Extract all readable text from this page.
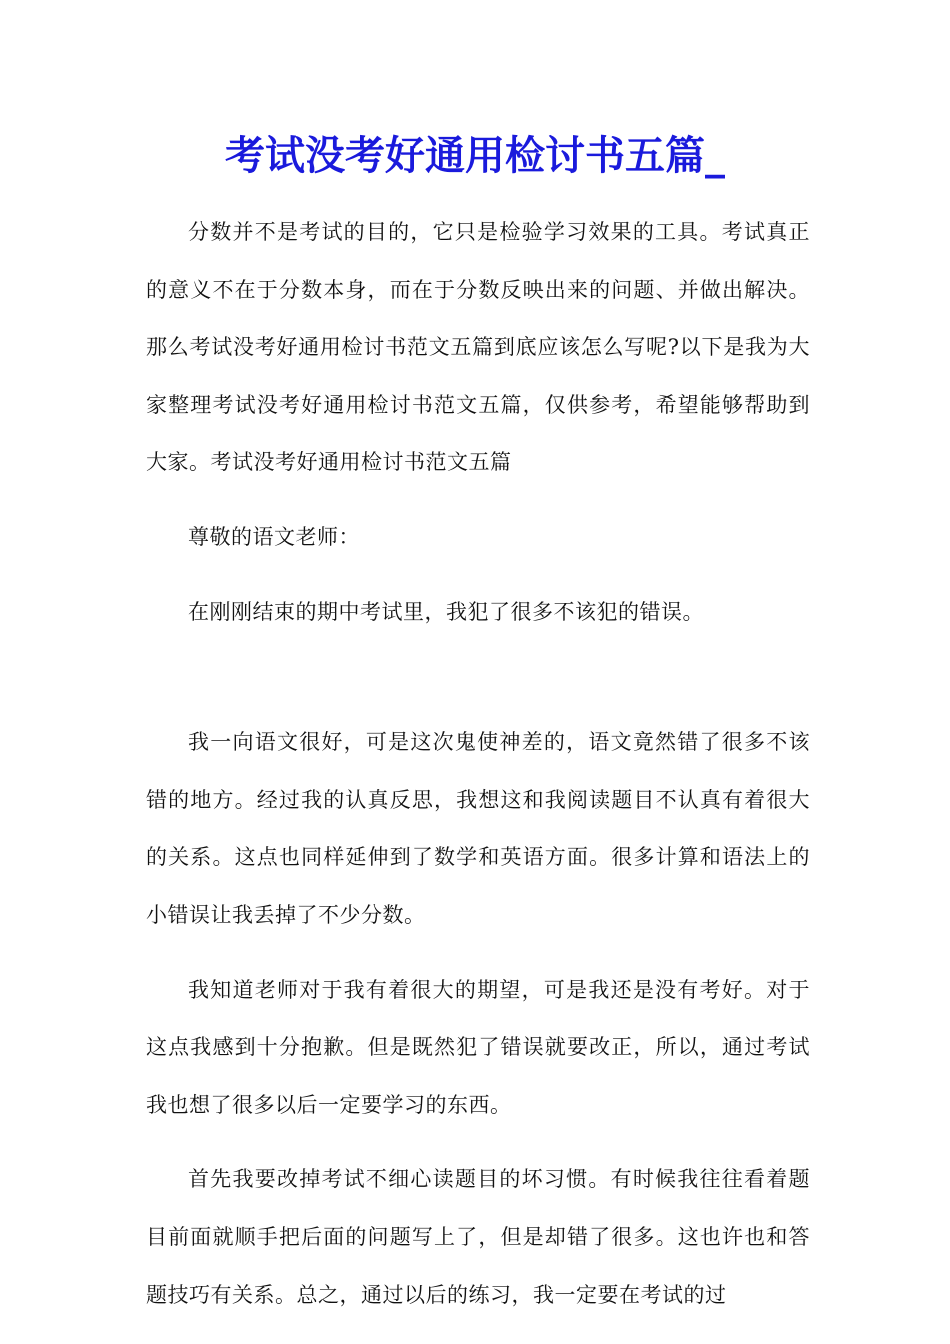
考试没考好通用检讨书五篇_

分数并不是考试的目的，它只是检验学习效果的工具。考试真正的意义不在于分数本身，而在于分数反映出来的问题、并做出解决。那么考试没考好通用检讨书范文五篇到底应该怎么写呢?以下是我为大家整理考试没考好通用检讨书范文五篇，仅供参考，希望能够帮助到大家。考试没考好通用检讨书范文五篇

尊敬的语文老师：

在刚刚结束的期中考试里，我犯了很多不该犯的错误。

我一向语文很好，可是这次鬼使神差的，语文竟然错了很多不该错的地方。经过我的认真反思，我想这和我阅读题目不认真有着很大的关系。这点也同样延伸到了数学和英语方面。很多计算和语法上的小错误让我丢掉了不少分数。

我知道老师对于我有着很大的期望，可是我还是没有考好。对于这点我感到十分抱歉。但是既然犯了错误就要改正，所以，通过考试我也想了很多以后一定要学习的东西。

首先我要改掉考试不细心读题目的坏习惯。有时候我往往看着题目前面就顺手把后面的问题写上了，但是却错了很多。这也许也和答题技巧有关系。总之，通过以后的练习，我一定要在考试的过
